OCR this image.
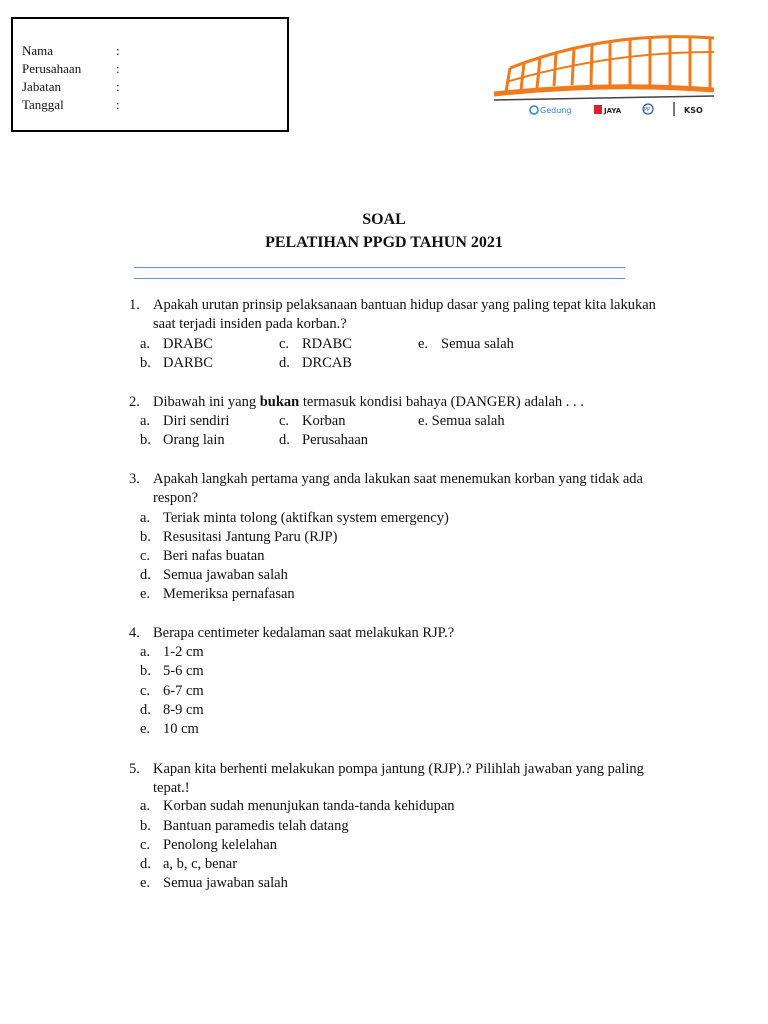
Nama	:
Perusahaan	:
Jabatan	:
Tanggal	:	Gedung	JAYA	PP	KSO
SOAL
PELATIHAN PPGD TAHUN 2021
1. Apakah urutan prinsip pelaksanaan bantuan hidup dasar yang paling tepat kita lakukan saat terjadi insiden pada korban.?
a. DRABC	c. RDABC	e. Semua salah
b. DARBC	d. DRCAB
2. Dibawah ini yang bukan termasuk kondisi bahaya (DANGER) adalah . . .
a. Diri sendiri	c. Korban	e. Semua salah
b. Orang lain	d. Perusahaan
3. Apakah langkah pertama yang anda lakukan saat menemukan korban yang tidak ada respon?
a. Teriak minta tolong (aktifkan system emergency)
b. Resusitasi Jantung Paru (RJP)
c. Beri nafas buatan
d. Semua jawaban salah
e. Memeriksa pernafasan
4. Berapa centimeter kedalaman saat melakukan RJP.?
a. 1-2 cm
b. 5-6 cm
c. 6-7 cm
d. 8-9 cm
e. 10 cm
5. Kapan kita berhenti melakukan pompa jantung (RJP).? Pilihlah jawaban yang paling tepat.!
a. Korban sudah menunjukan tanda-tanda kehidupan
b. Bantuan paramedis telah datang
c. Penolong kelelahan
d. a, b, c, benar
e. Semua jawaban salah
